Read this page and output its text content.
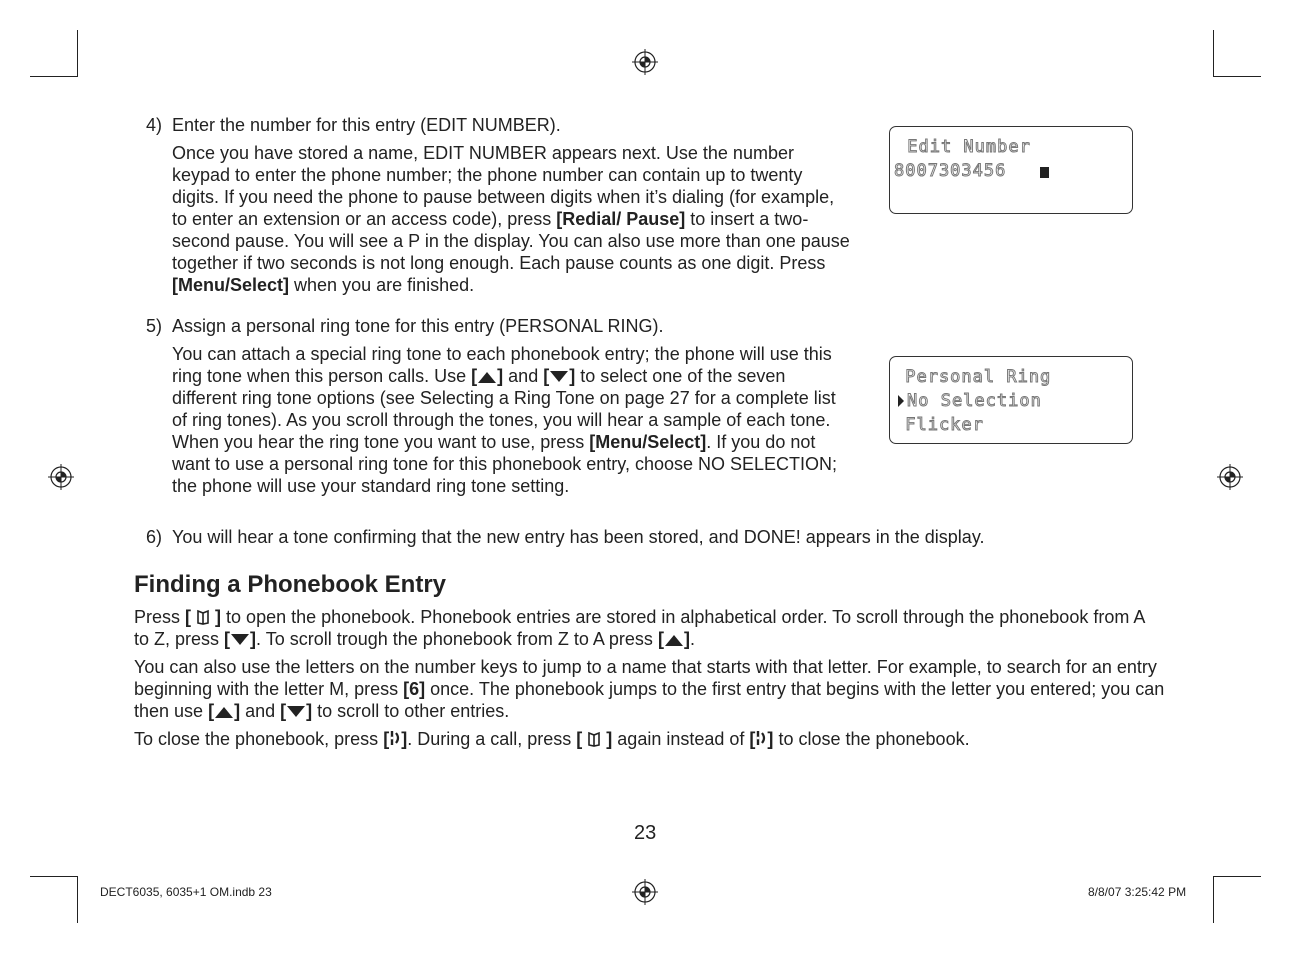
4) Enter the number for this entry (EDIT NUMBER).

Once you have stored a name, EDIT NUMBER appears next. Use the number keypad to enter the phone number; the phone number can contain up to twenty digits. If you need the phone to pause between digits when it’s dialing (for example, to enter an extension or an access code), press [Redial/ Pause] to insert a two-second pause. You will see a P in the display. You can also use more than one pause together if two seconds is not long enough. Each pause counts as one digit. Press [Menu/Select] when you are finished.

Edit Number
8007303456
5) Assign a personal ring tone for this entry (PERSONAL RING).

You can attach a special ring tone to each phonebook entry; the phone will use this ring tone when this person calls. Use [ ] and [ ] to select one of the seven different ring tone options (see Selecting a Ring Tone on page 27 for a complete list of ring tones). As you scroll through the tones, you will hear a sample of each tone. When you hear the ring tone you want to use, press [Menu/Select]. If you do not want to use a personal ring tone for this phonebook entry, choose NO SELECTION; the phone will use your standard ring tone setting.

Personal Ring
No Selection
Flicker
6) You will hear a tone confirming that the new entry has been stored, and DONE! appears in the display.

Finding a Phonebook Entry

Press [  ] to open the phonebook. Phonebook entries are stored in alphabetical order. To scroll through the phonebook from A to Z, press [ ]. To scroll trough the phonebook from Z to A press [ ].

You can also use the letters on the number keys to jump to a name that starts with that letter. For example, to search for an entry beginning with the letter M, press [6] once. The phonebook jumps to the first entry that begins with the letter you entered; you can then use [ ] and [ ] to scroll to other entries.

To close the phonebook, press [ ]. During a call, press [  ] again instead of [ ] to close the phonebook.

23
DECT6035, 6035+1 OM.indb 23	8/8/07 3:25:42 PM
